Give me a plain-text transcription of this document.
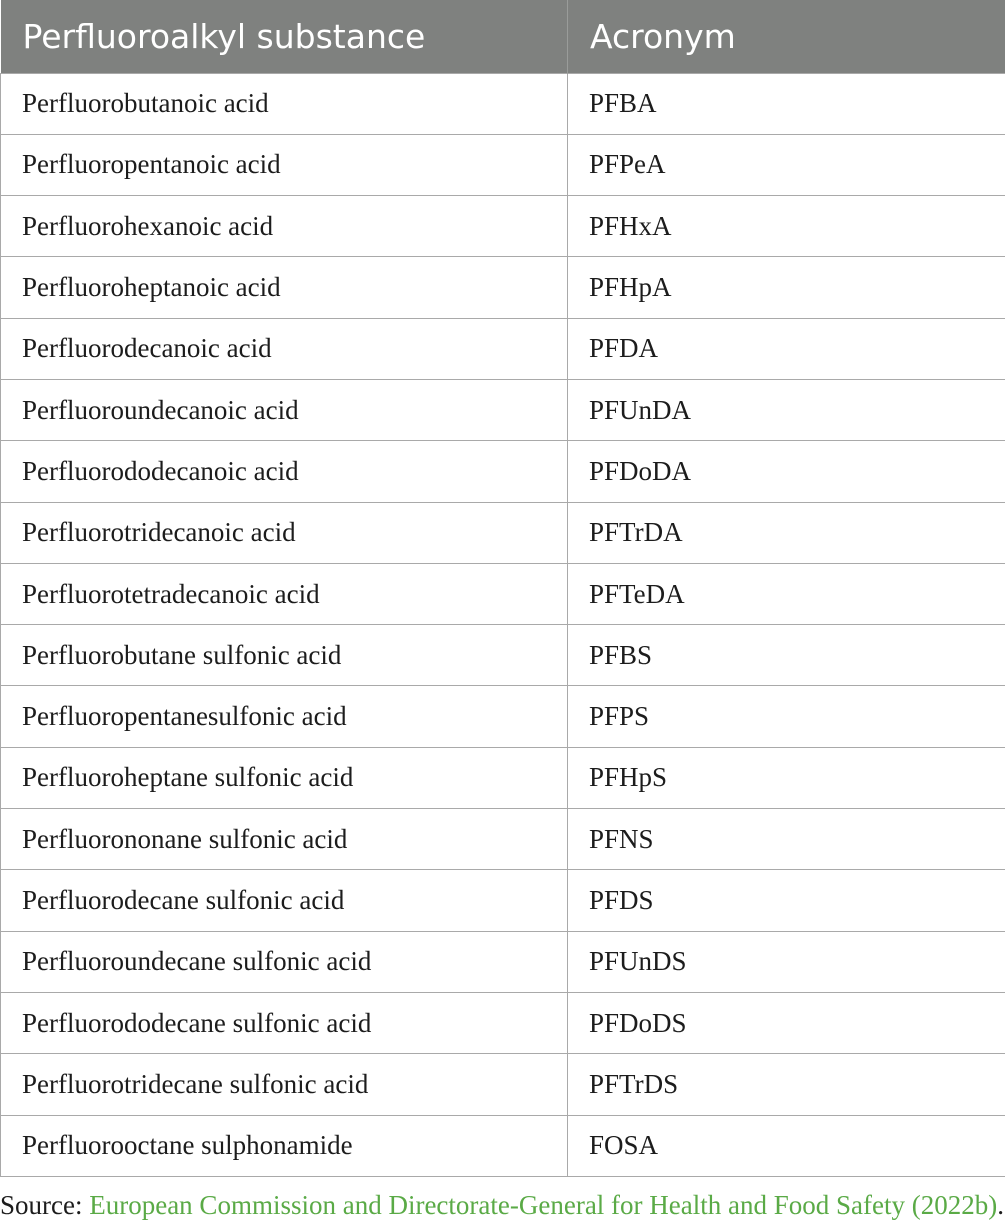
Perfluoroalkyl substance	Acronym
Perfluorobutanoic acid	PFBA
Perfluoropentanoic acid	PFPeA
Perfluorohexanoic acid	PFHxA
Perfluoroheptanoic acid	PFHpA
Perfluorodecanoic acid	PFDA
Perfluoroundecanoic acid	PFUnDA
Perfluorododecanoic acid	PFDoDA
Perfluorotridecanoic acid	PFTrDA
Perfluorotetradecanoic acid	PFTeDA
Perfluorobutane sulfonic acid	PFBS
Perfluoropentanesulfonic acid	PFPS
Perfluoroheptane sulfonic acid	PFHpS
Perfluorononane sulfonic acid	PFNS
Perfluorodecane sulfonic acid	PFDS
Perfluoroundecane sulfonic acid	PFUnDS
Perfluorododecane sulfonic acid	PFDoDS
Perfluorotridecane sulfonic acid	PFTrDS
Perfluorooctane sulphonamide	FOSA
Source: European Commission and Directorate-General for Health and Food Safety (2022b).
